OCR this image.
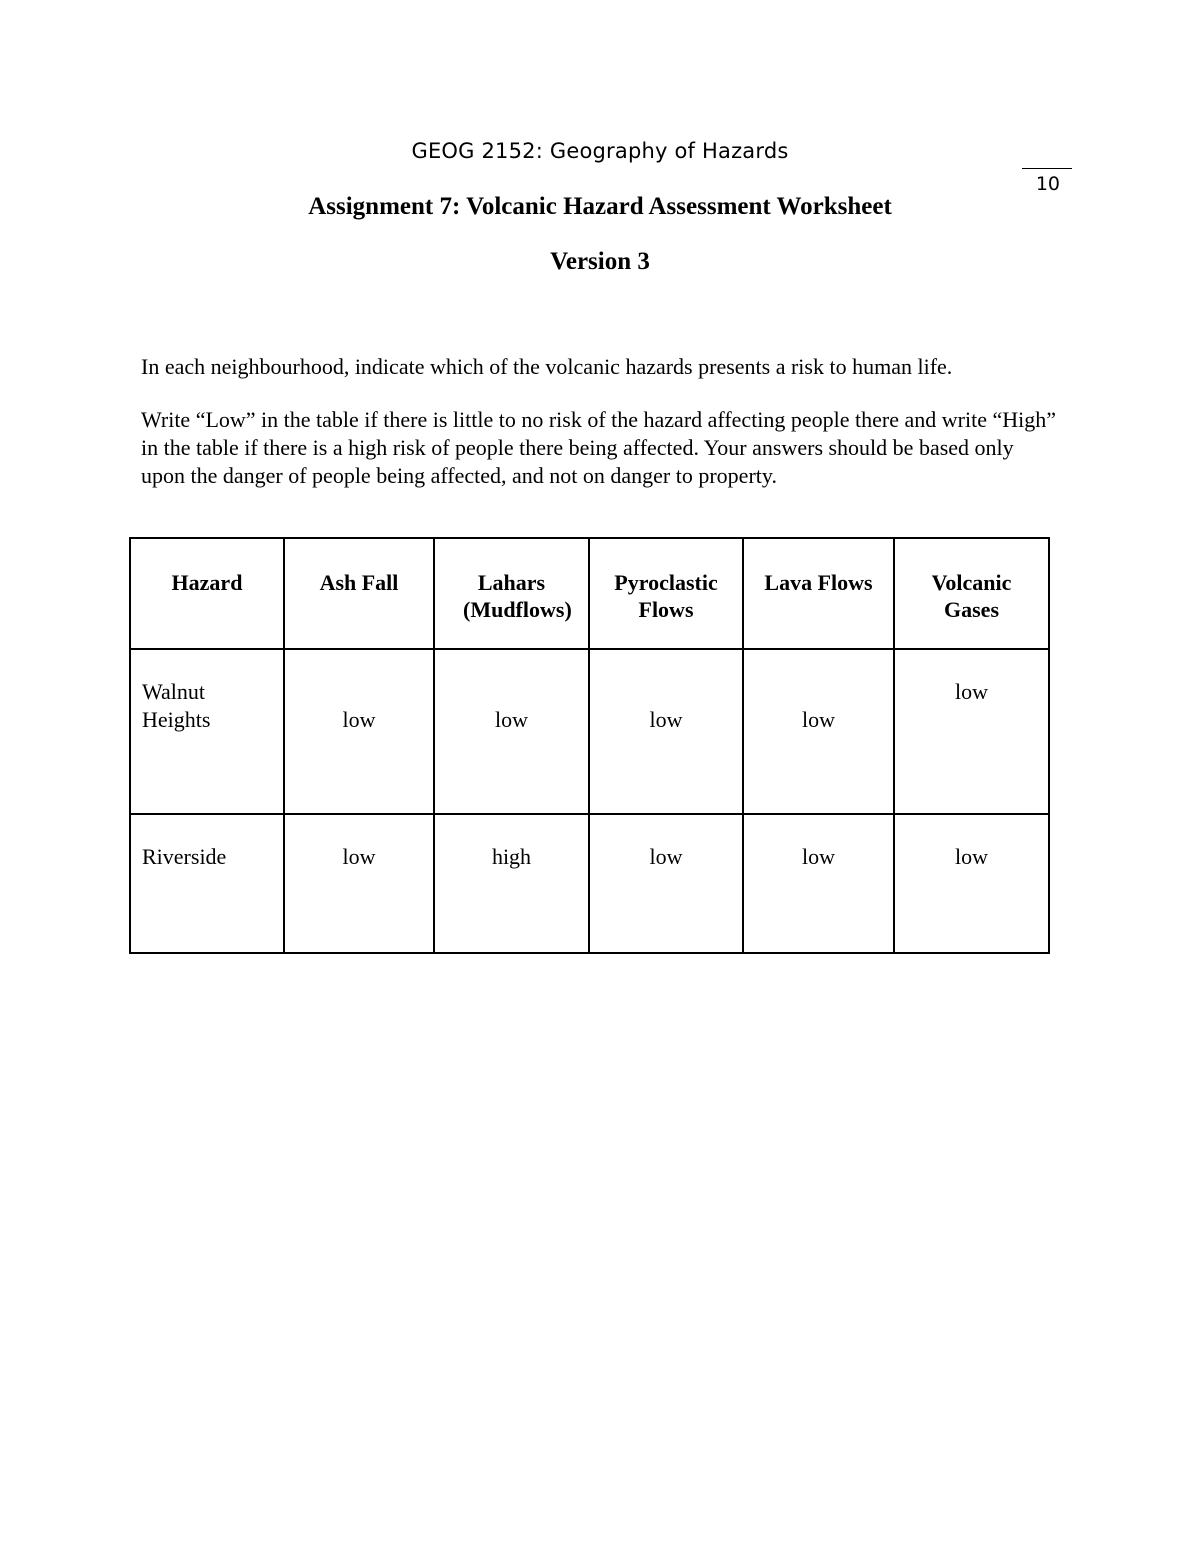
GEOG 2152: Geography of Hazards
10
Assignment 7: Volcanic Hazard Assessment Worksheet
Version 3

In each neighbourhood, indicate which of the volcanic hazards presents a risk to human life.

Write “Low” in the table if there is little to no risk of the hazard affecting people there and write “High” in the table if there is a high risk of people there being affected. Your answers should be based only upon the danger of people being affected, and not on danger to property.

Hazard	Ash Fall	Lahars (Mudflows)	Pyroclastic Flows	Lava Flows	Volcanic Gases
Walnut Heights	low	low	low	low	low
Riverside	low	high	low	low	low
